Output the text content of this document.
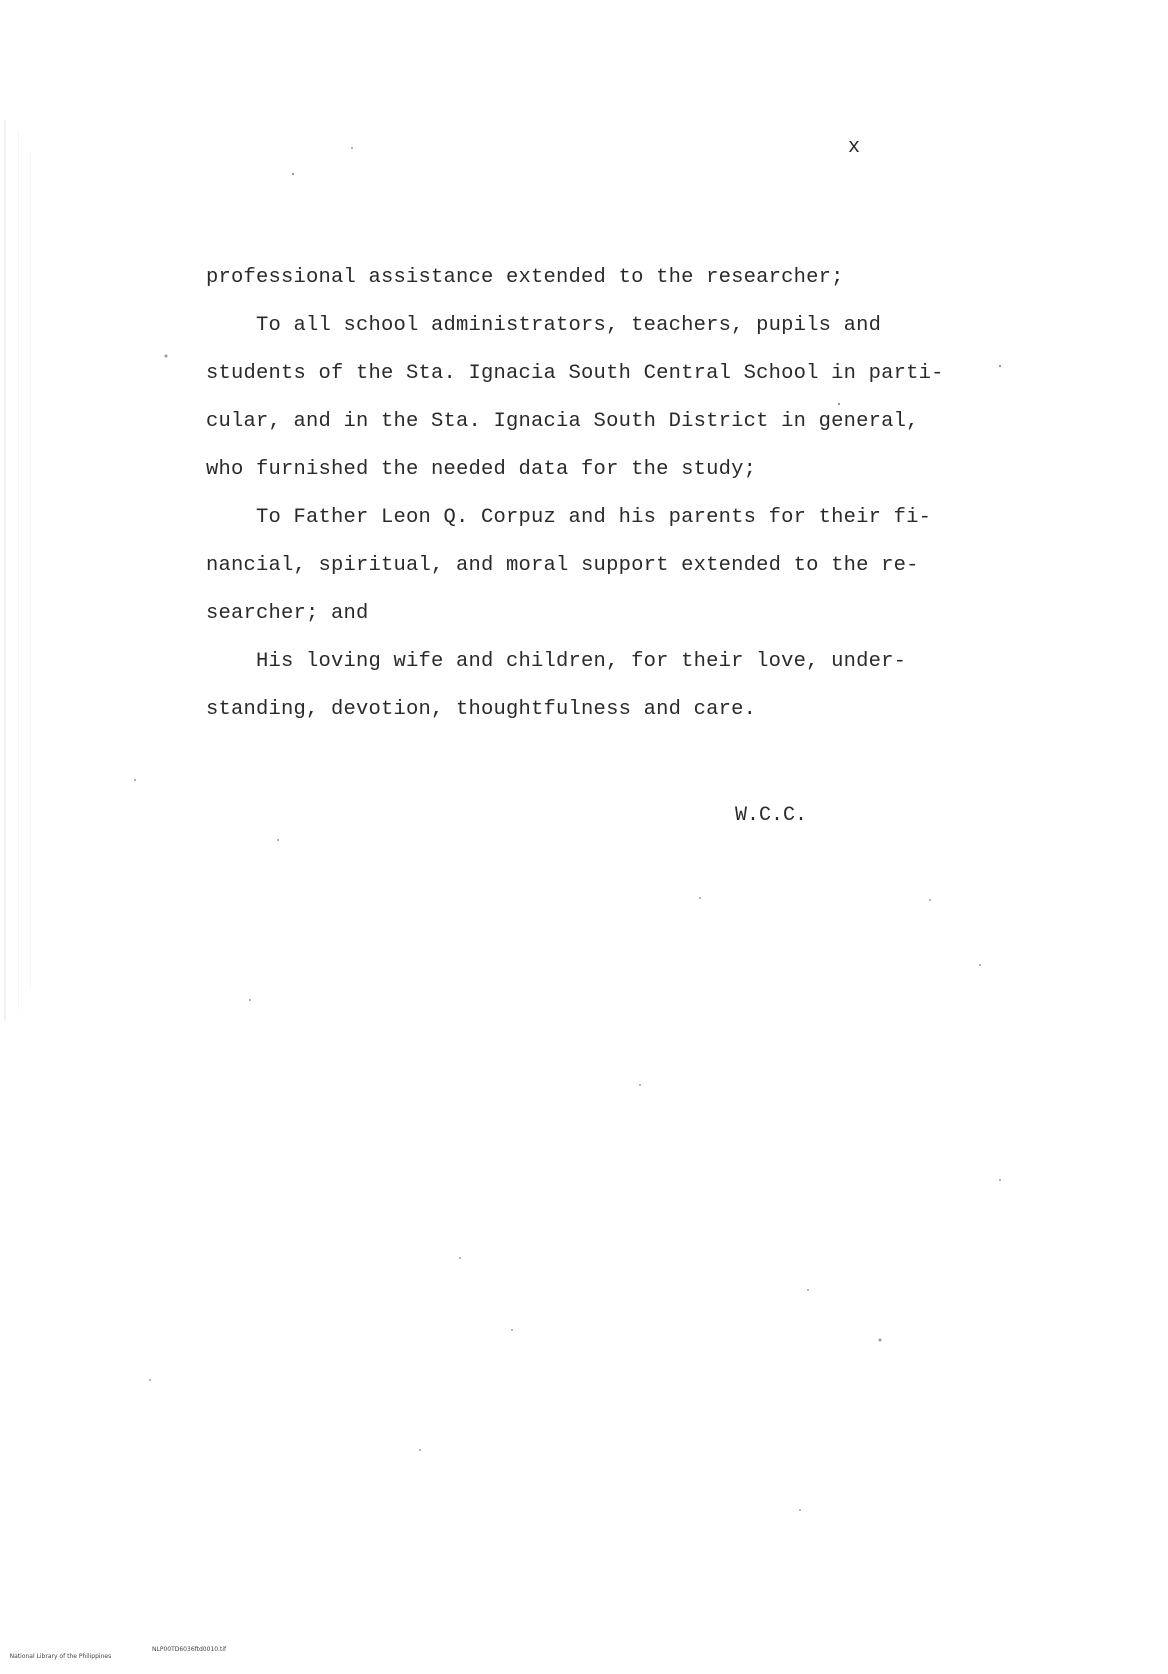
x
professional assistance extended to the researcher;
To all school administrators, teachers, pupils and
students of the Sta. Ignacia South Central School in parti-
cular, and in the Sta. Ignacia South District in general,
who furnished the needed data for the study;
To Father Leon Q. Corpuz and his parents for their fi-
nancial, spiritual, and moral support extended to the re-
searcher; and
His loving wife and children, for their love, under-
standing, devotion, thoughtfulness and care.
W.C.C.

National Library of the Philippines

NLP00TD6036ftd0010.tif
